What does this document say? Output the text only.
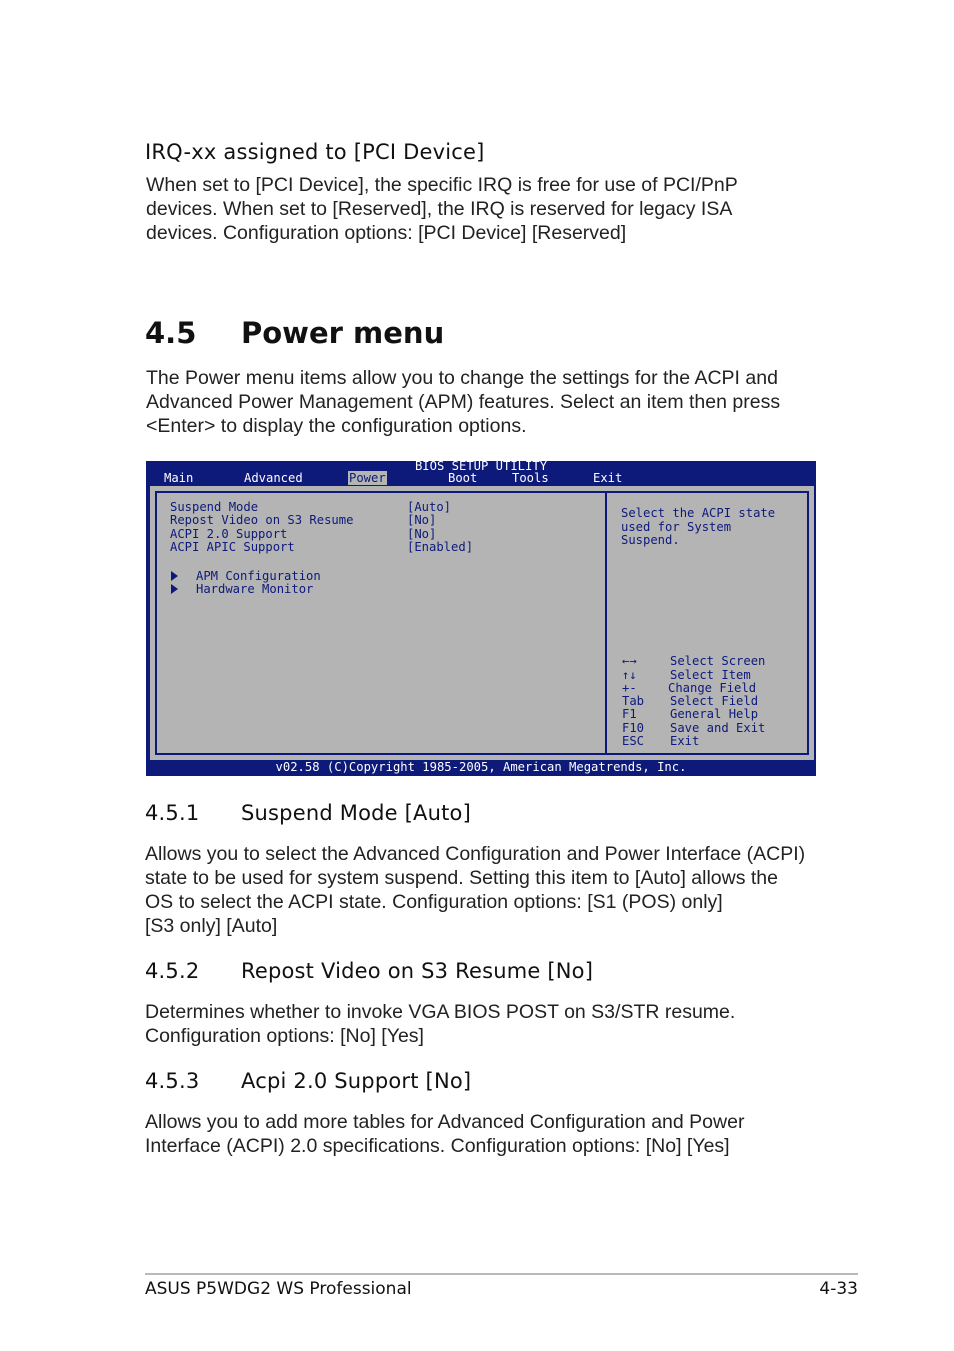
IRQ-xx assigned to [PCI Device]
When set to [PCI Device], the specific IRQ is free for use of PCI/PnP
devices. When set to [Reserved], the IRQ is reserved for legacy ISA
devices. Configuration options: [PCI Device] [Reserved]
4.5 Power menu
The Power menu items allow you to change the settings for the ACPI and
Advanced Power Management (APM) features. Select an item then press
<Enter> to display the configuration options.
BIOS SETUP UTILITY
Main	Advanced	Power	Boot	Tools	Exit
Suspend Mode	[Auto]
Repost Video on S3 Resume	[No]
ACPI 2.0 Support	[No]
ACPI APIC Support	[Enabled]
APM Configuration
Hardware Monitor
Select the ACPI state
used for System
Suspend.
←→	Select Screen
↑↓	Select Item
+-	Change Field
Tab Select Field
F1	General Help
F10 Save and Exit
ESC Exit
v02.58 (C)Copyright 1985-2005, American Megatrends, Inc.
4.5.1 Suspend Mode [Auto]
Allows you to select the Advanced Configuration and Power Interface (ACPI)
state to be used for system suspend. Setting this item to [Auto] allows the
OS to select the ACPI state. Configuration options: [S1 (POS) only]
[S3 only] [Auto]
4.5.2 Repost Video on S3 Resume [No]
Determines whether to invoke VGA BIOS POST on S3/STR resume.
Configuration options: [No] [Yes]
4.5.3 Acpi 2.0 Support [No]
Allows you to add more tables for Advanced Configuration and Power
Interface (ACPI) 2.0 specifications. Configuration options: [No] [Yes]
ASUS P5WDG2 WS Professional	4-33
